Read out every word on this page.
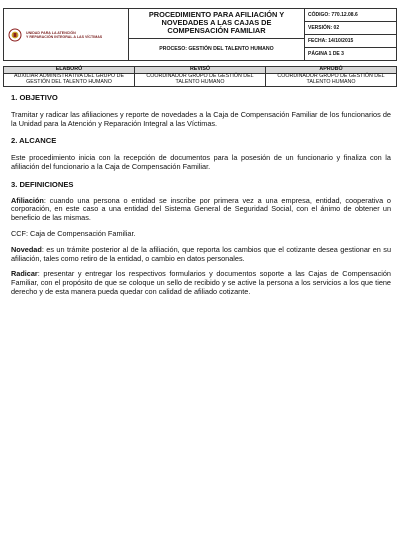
UNIDAD PARA LA ATENCIÓN
Y REPARACIÓN INTEGRAL A LAS VÍCTIMAS

PROCEDIMIENTO PARA AFILIACIÓN Y NOVEDADES A LAS CAJAS DE COMPENSACIÓN FAMILIAR
	CÓDIGO: 770.12.08.6
VERSIÓN: 02
FECHA: 14/10/2015

PROCESO: GESTIÓN DEL TALENTO HUMANO

PÁGINA 1 DE 3
ELABORÓ	REVISÓ	APROBÓ
AUXILIAR ADMINISTRATIVA DEL GRUPO DE GESTIÓN DEL TALENTO HUMANO	COORDINADOR GRUPO DE GESTIÓN DEL TALENTO HUMANO	COORDINADOR GRUPO DE GESTIÓN DEL TALENTO HUMANO

1. OBJETIVO

Tramitar y radicar las afiliaciones y reporte de novedades a la Caja de Compensación Familiar de los funcionarios de la Unidad para la Atención y Reparación Integral a las Víctimas.

2. ALCANCE

Este procedimiento inicia con la recepción de documentos para la posesión de un funcionario y finaliza con la afiliación del funcionario a la Caja de Compensación Familiar.

3. DEFINICIONES

Afiliación: cuando una persona o entidad se inscribe por primera vez a una empresa, entidad, cooperativa o corporación, en este caso a una entidad del Sistema General de Seguridad Social, con el ánimo de obtener un beneficio de las mismas.

CCF: Caja de Compensación Familiar.

Novedad: es un trámite posterior al de la afiliación, que reporta los cambios que el cotizante desea gestionar en su afiliación, tales como retiro de la entidad, o cambio en datos personales.

Radicar: presentar y entregar los respectivos formularios y documentos soporte a las Cajas de Compensación Familiar, con el propósito de que se coloque un sello de recibido y se active la persona a los servicios a los que tiene derecho y de esta manera pueda quedar con calidad de afiliado cotizante.
